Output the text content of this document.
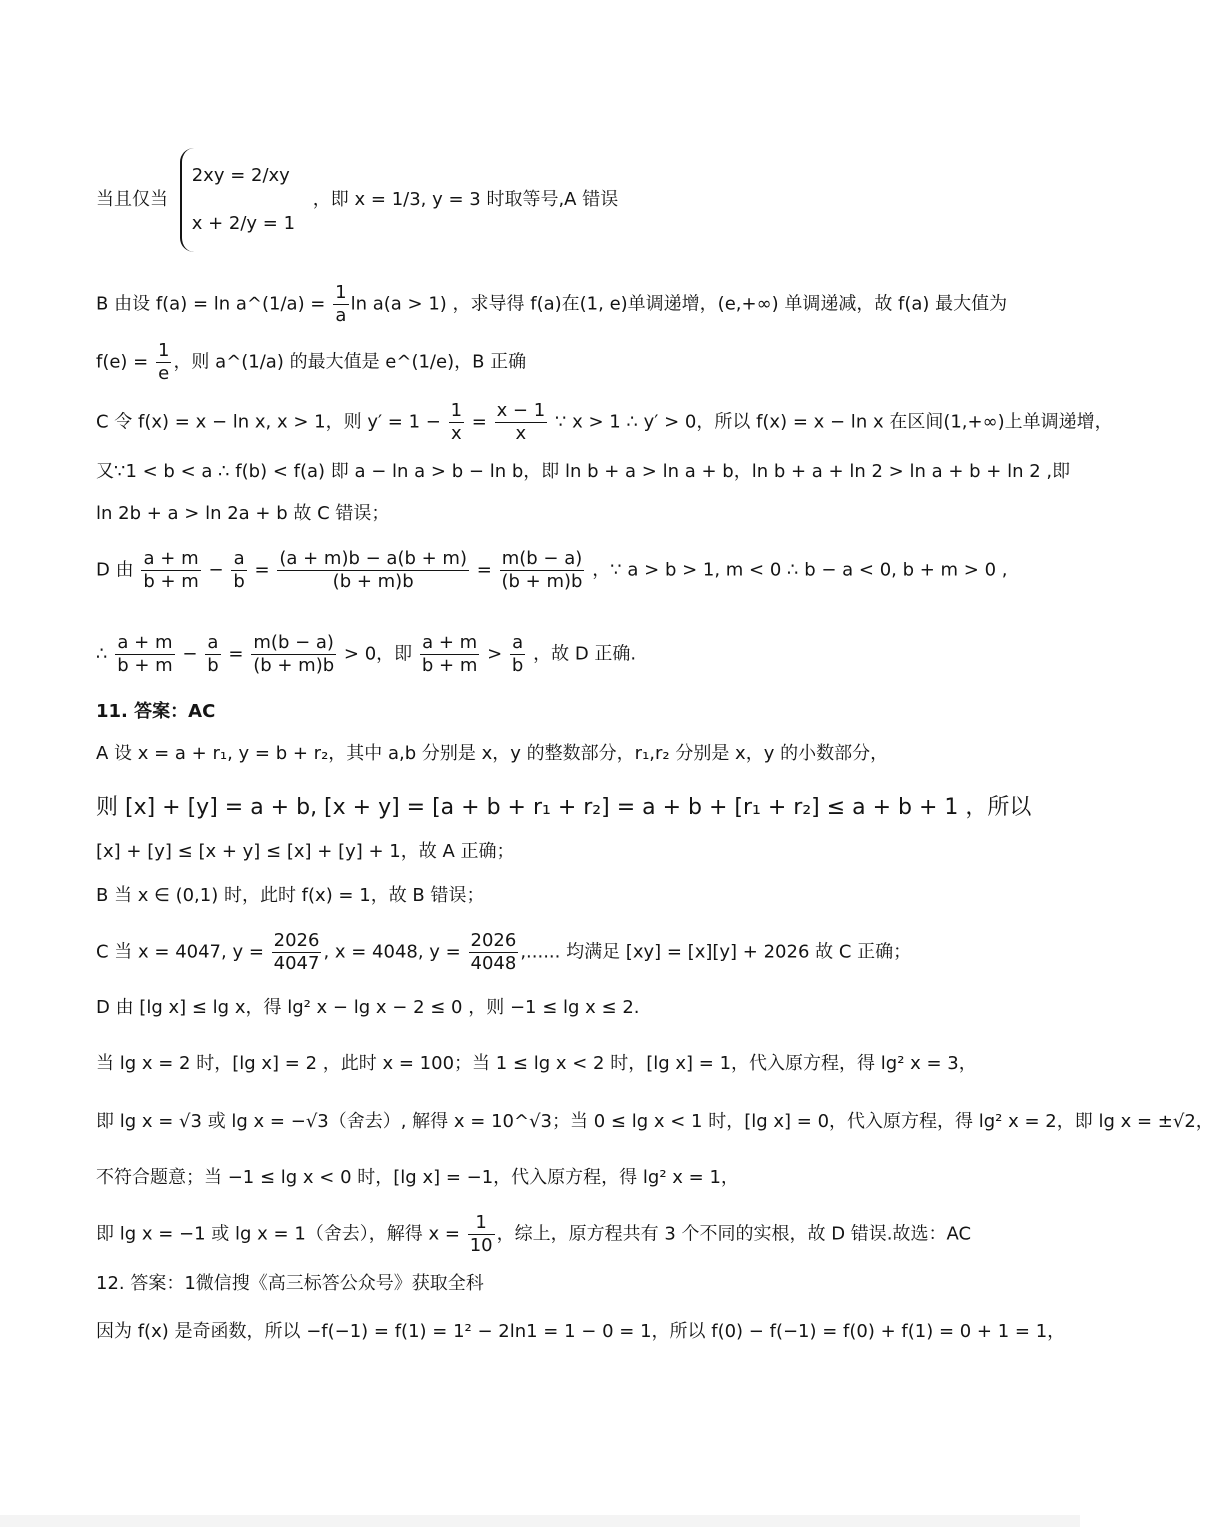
当且仅当
2xy = 2/xy
x + 2/y = 1
，即 x = 1/3, y = 3 时取等号,A 错误
B 由设 f(a) = ln a^(1/a) = $\frac{1}{a}$ ln a(a > 1) ，求导得 f(a)在(1, e)单调递增，(e,+∞) 单调递减，故 f(a) 最大值为
$f(e) = \frac{1}{e}$ ，则 a^(1/a) 的最大值是 e^(1/e)，B 正确
C 令 f(x) = x − ln x, x > 1，则 $y' = 1 - \frac{1}{x} = \frac{x - 1}{x}$ ∵ x > 1 ∴ y′ > 0，所以 f(x) = x − ln x 在区间(1,+∞)上单调递增，
又∵1 < b < a ∴ f(b) < f(a) 即 a − ln a > b − ln b，即 ln b + a > ln a + b，ln b + a + ln 2 > ln a + b + ln 2 ,即
ln 2b + a > ln 2a + b 故 C 错误；
D 由 $\frac{a + m}{b + m} - \frac{a}{b} = \frac{(a + m)b - a(b + m)}{(b + m)b} = \frac{m(b - a)}{(b + m)b}$ ，∵ a > b > 1, m < 0 ∴ b − a < 0, b + m > 0 ,
∴ $\frac{a + m}{b + m} - \frac{a}{b} = \frac{m(b - a)}{(b + m)b} > 0$，即 $\frac{a + m}{b + m} > \frac{a}{b}$ ，故 D 正确.
11. 答案：AC
A 设 x = a + r₁, y = b + r₂，其中 a,b 分别是 x，y 的整数部分，r₁,r₂ 分别是 x，y 的小数部分，
则 [x] + [y] = a + b, [x + y] = [a + b + r₁ + r₂] = a + b + [r₁ + r₂] ≤ a + b + 1 ，所以
[x] + [y] ≤ [x + y] ≤ [x] + [y] + 1，故 A 正确；
B 当 x ∈ (0,1) 时，此时 f(x) = 1，故 B 错误；
C 当 x = 4047, $y = \frac{2026}{4047}$ , x = 4048, $y = \frac{2026}{4048}$ ,...... 均满足 [xy] = [x][y] + 2026 故 C 正确；
D 由 [lg x] ≤ lg x，得 lg² x − lg x − 2 ≤ 0 ，则 −1 ≤ lg x ≤ 2.
当 lg x = 2 时，[lg x] = 2 ，此时 x = 100；当 1 ≤ lg x < 2 时，[lg x] = 1，代入原方程，得 lg² x = 3，
即 lg x = √3 或 lg x = −√3（舍去）, 解得 x = 10^√3；当 0 ≤ lg x < 1 时，[lg x] = 0，代入原方程，得 lg² x = 2，即 lg x = ±√2，
不符合题意；当 −1 ≤ lg x < 0 时，[lg x] = −1，代入原方程，得 lg² x = 1，
即 lg x = −1 或 lg x = 1（舍去），解得 $x = \frac{1}{10}$ ，综上，原方程共有 3 个不同的实根，故 D 错误.故选：AC
12. 答案：1微信搜《高三标答公众号》获取全科
因为 f(x) 是奇函数，所以 −f(−1) = f(1) = 1² − 2ln1 = 1 − 0 = 1，所以 f(0) − f(−1) = f(0) + f(1) = 0 + 1 = 1，
